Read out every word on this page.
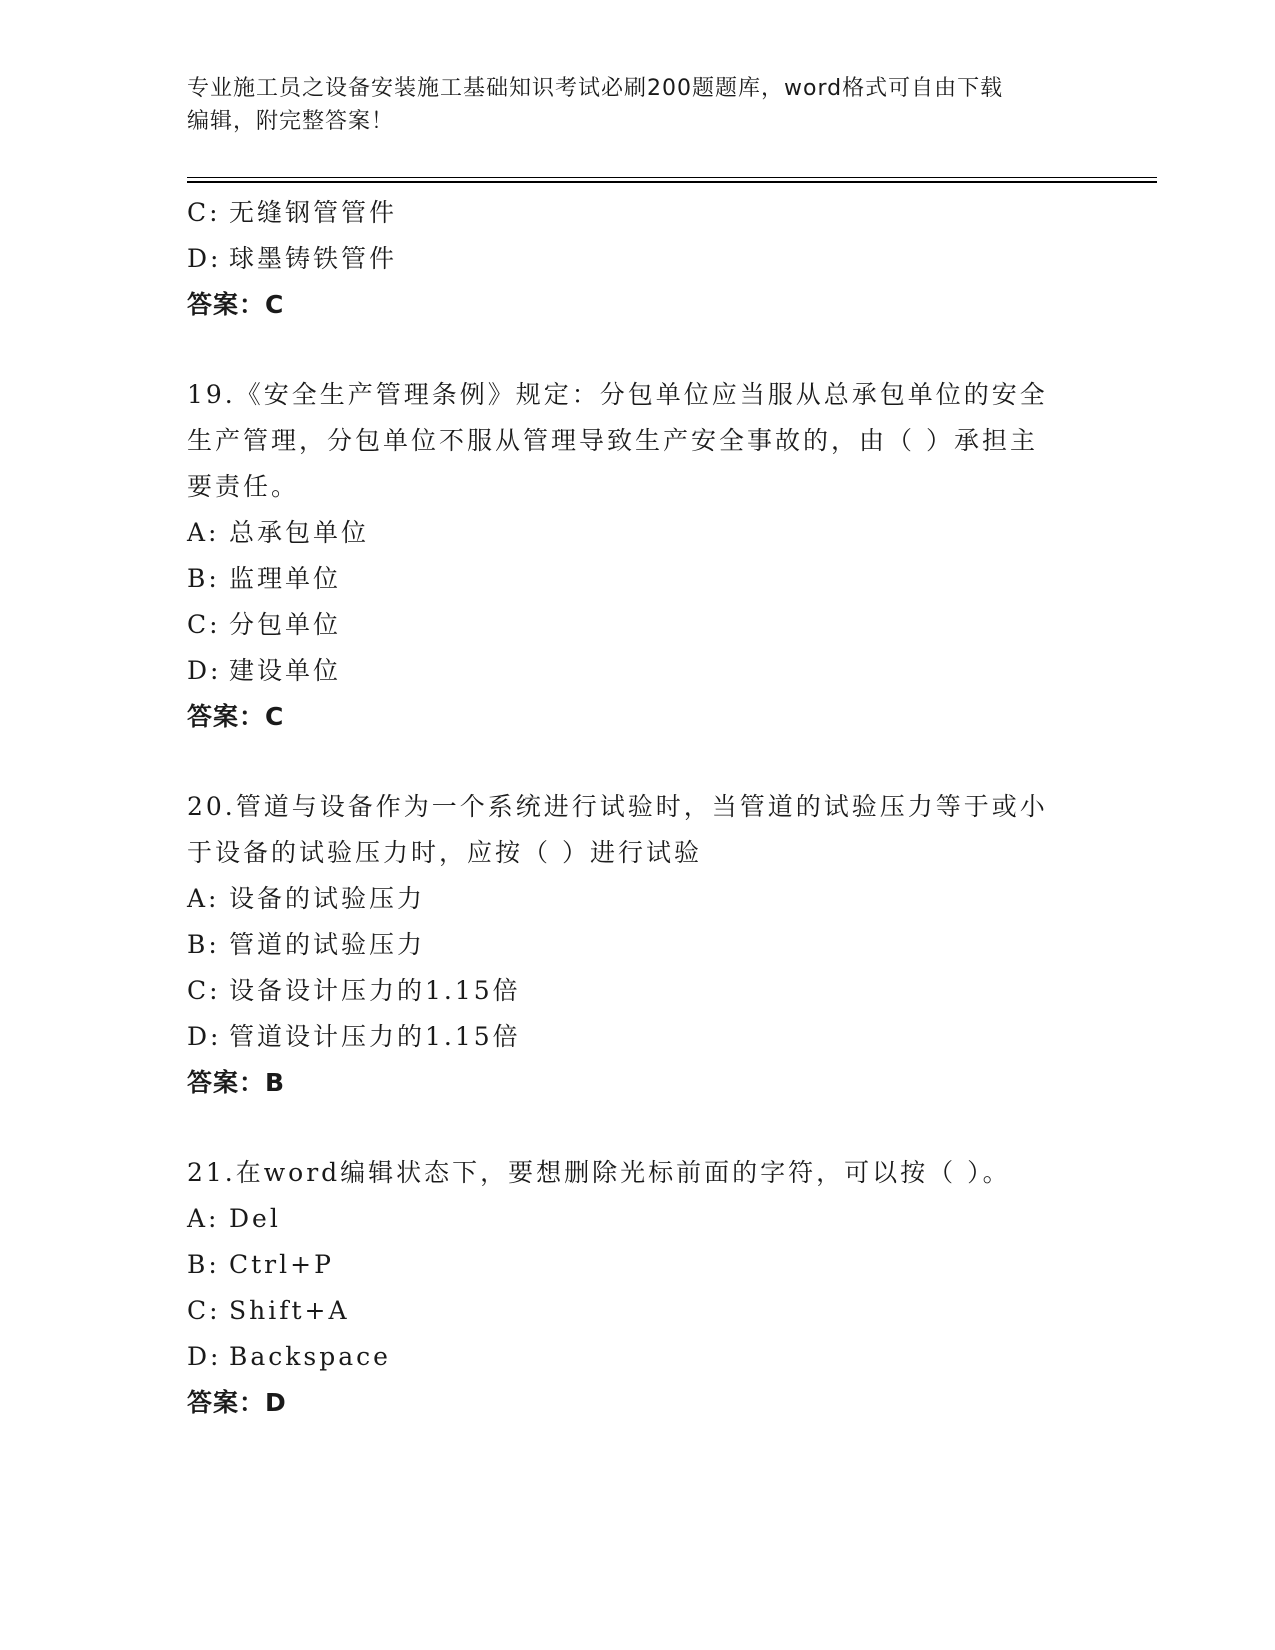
专业施工员之设备安装施工基础知识考试必刷200题题库，word格式可自由下载
编辑，附完整答案！
C: 无缝钢管管件
D: 球墨铸铁管件
答案：C
19.《安全生产管理条例》规定：分包单位应当服从总承包单位的安全
生产管理，分包单位不服从管理导致生产安全事故的，由（ ）承担主
要责任。
A: 总承包单位
B: 监理单位
C: 分包单位
D: 建设单位
答案：C
20.管道与设备作为一个系统进行试验时，当管道的试验压力等于或小
于设备的试验压力时，应按（ ）进行试验
A: 设备的试验压力
B: 管道的试验压力
C: 设备设计压力的1.15倍
D: 管道设计压力的1.15倍
答案：B
21.在word编辑状态下，要想删除光标前面的字符，可以按（ ）。
A: Del
B: Ctrl+P
C: Shift+A
D: Backspace
答案：D
